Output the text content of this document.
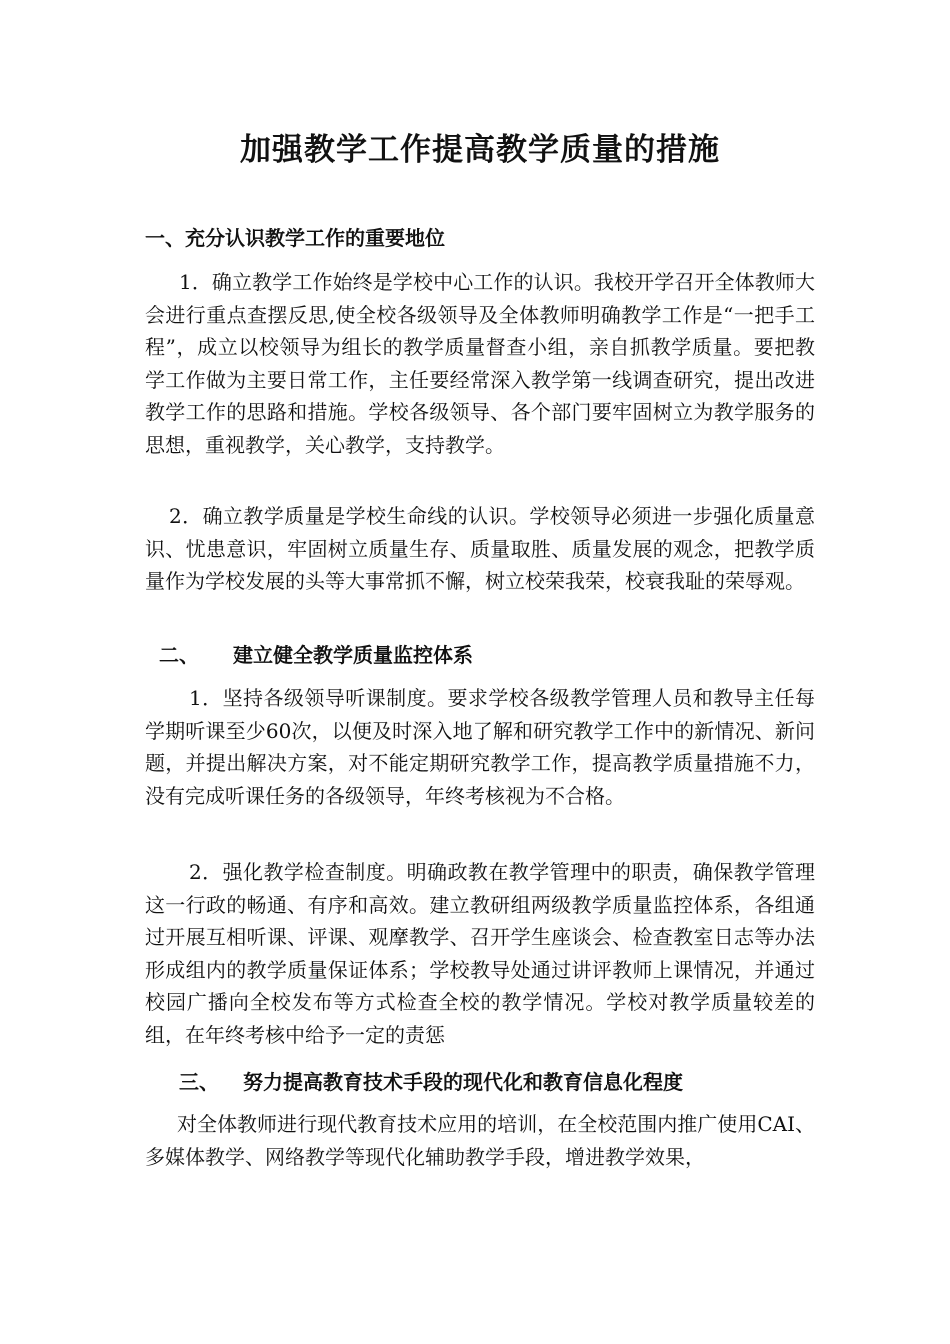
加强教学工作提高教学质量的措施
一、充分认识教学工作的重要地位
1．确立教学工作始终是学校中心工作的认识。我校开学召开全体教师大会进行重点查摆反思,使全校各级领导及全体教师明确教学工作是“一把手工程”，成立以校领导为组长的教学质量督查小组，亲自抓教学质量。要把教学工作做为主要日常工作，主任要经常深入教学第一线调查研究，提出改进教学工作的思路和措施。学校各级领导、各个部门要牢固树立为教学服务的思想，重视教学，关心教学，支持教学。
2．确立教学质量是学校生命线的认识。学校领导必须进一步强化质量意识、忧患意识，牢固树立质量生存、质量取胜、质量发展的观念，把教学质量作为学校发展的头等大事常抓不懈，树立校荣我荣，校衰我耻的荣辱观。
二、 建立健全教学质量监控体系
1．坚持各级领导听课制度。要求学校各级教学管理人员和教导主任每学期听课至少60次，以便及时深入地了解和研究教学工作中的新情况、新问题，并提出解决方案，对不能定期研究教学工作，提高教学质量措施不力，没有完成听课任务的各级领导，年终考核视为不合格。
2．强化教学检查制度。明确政教在教学管理中的职责，确保教学管理这一行政的畅通、有序和高效。建立教研组两级教学质量监控体系，各组通过开展互相听课、评课、观摩教学、召开学生座谈会、检查教室日志等办法形成组内的教学质量保证体系；学校教导处通过讲评教师上课情况，并通过校园广播向全校发布等方式检查全校的教学情况。学校对教学质量较差的组，在年终考核中给予一定的责惩
三、 努力提高教育技术手段的现代化和教育信息化程度
对全体教师进行现代教育技术应用的培训，在全校范围内推广使用CAI、多媒体教学、网络教学等现代化辅助教学手段，增进教学效果，
